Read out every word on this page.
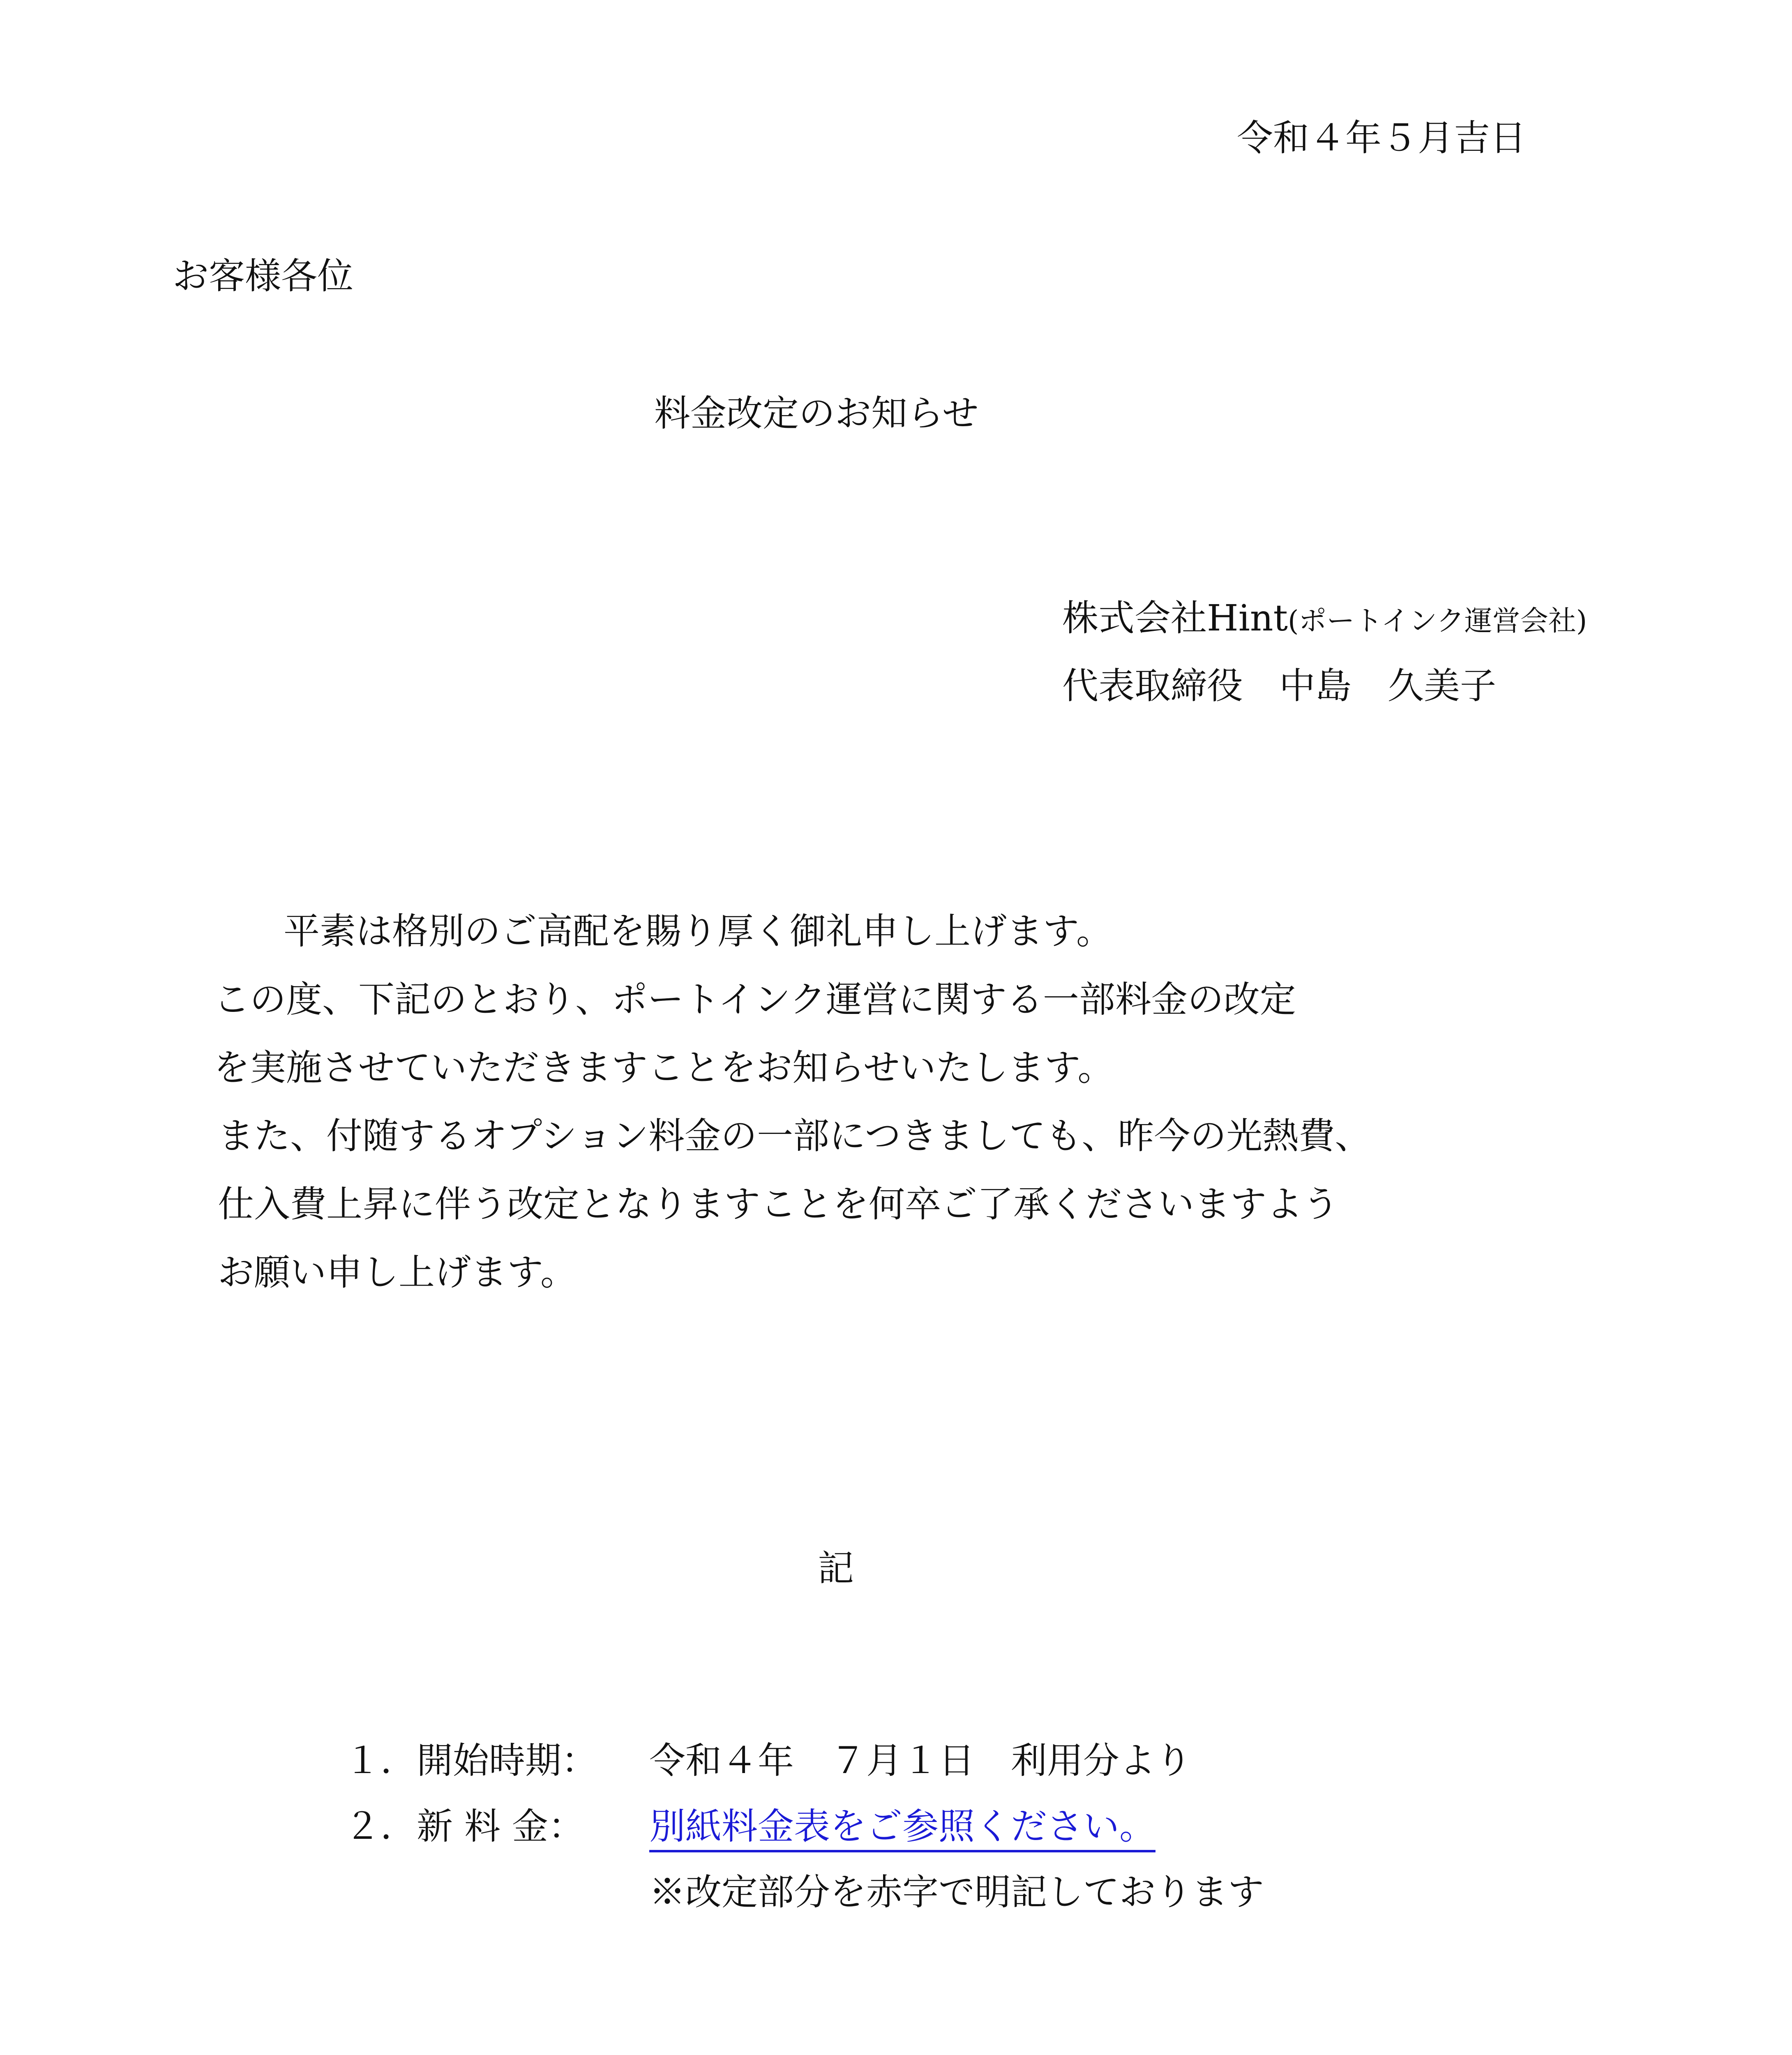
令和４年５月吉日
お客様各位
料金改定のお知らせ
株式会社Hint(ポートインク運営会社)
代表取締役　中島　久美子
平素は格別のご高配を賜り厚く御礼申し上げます。
この度、下記のとおり、ポートインク運営に関する一部料金の改定
を実施させていただきますことをお知らせいたします。
また、付随するオプション料金の一部につきましても、昨今の光熱費、
仕入費上昇に伴う改定となりますことを何卒ご了承くださいますよう
お願い申し上げます。
記
１．開始時期： 令和４年　７月１日　利用分より
２．新 料 金： 別紙料金表をご参照ください。
※改定部分を赤字で明記しております
